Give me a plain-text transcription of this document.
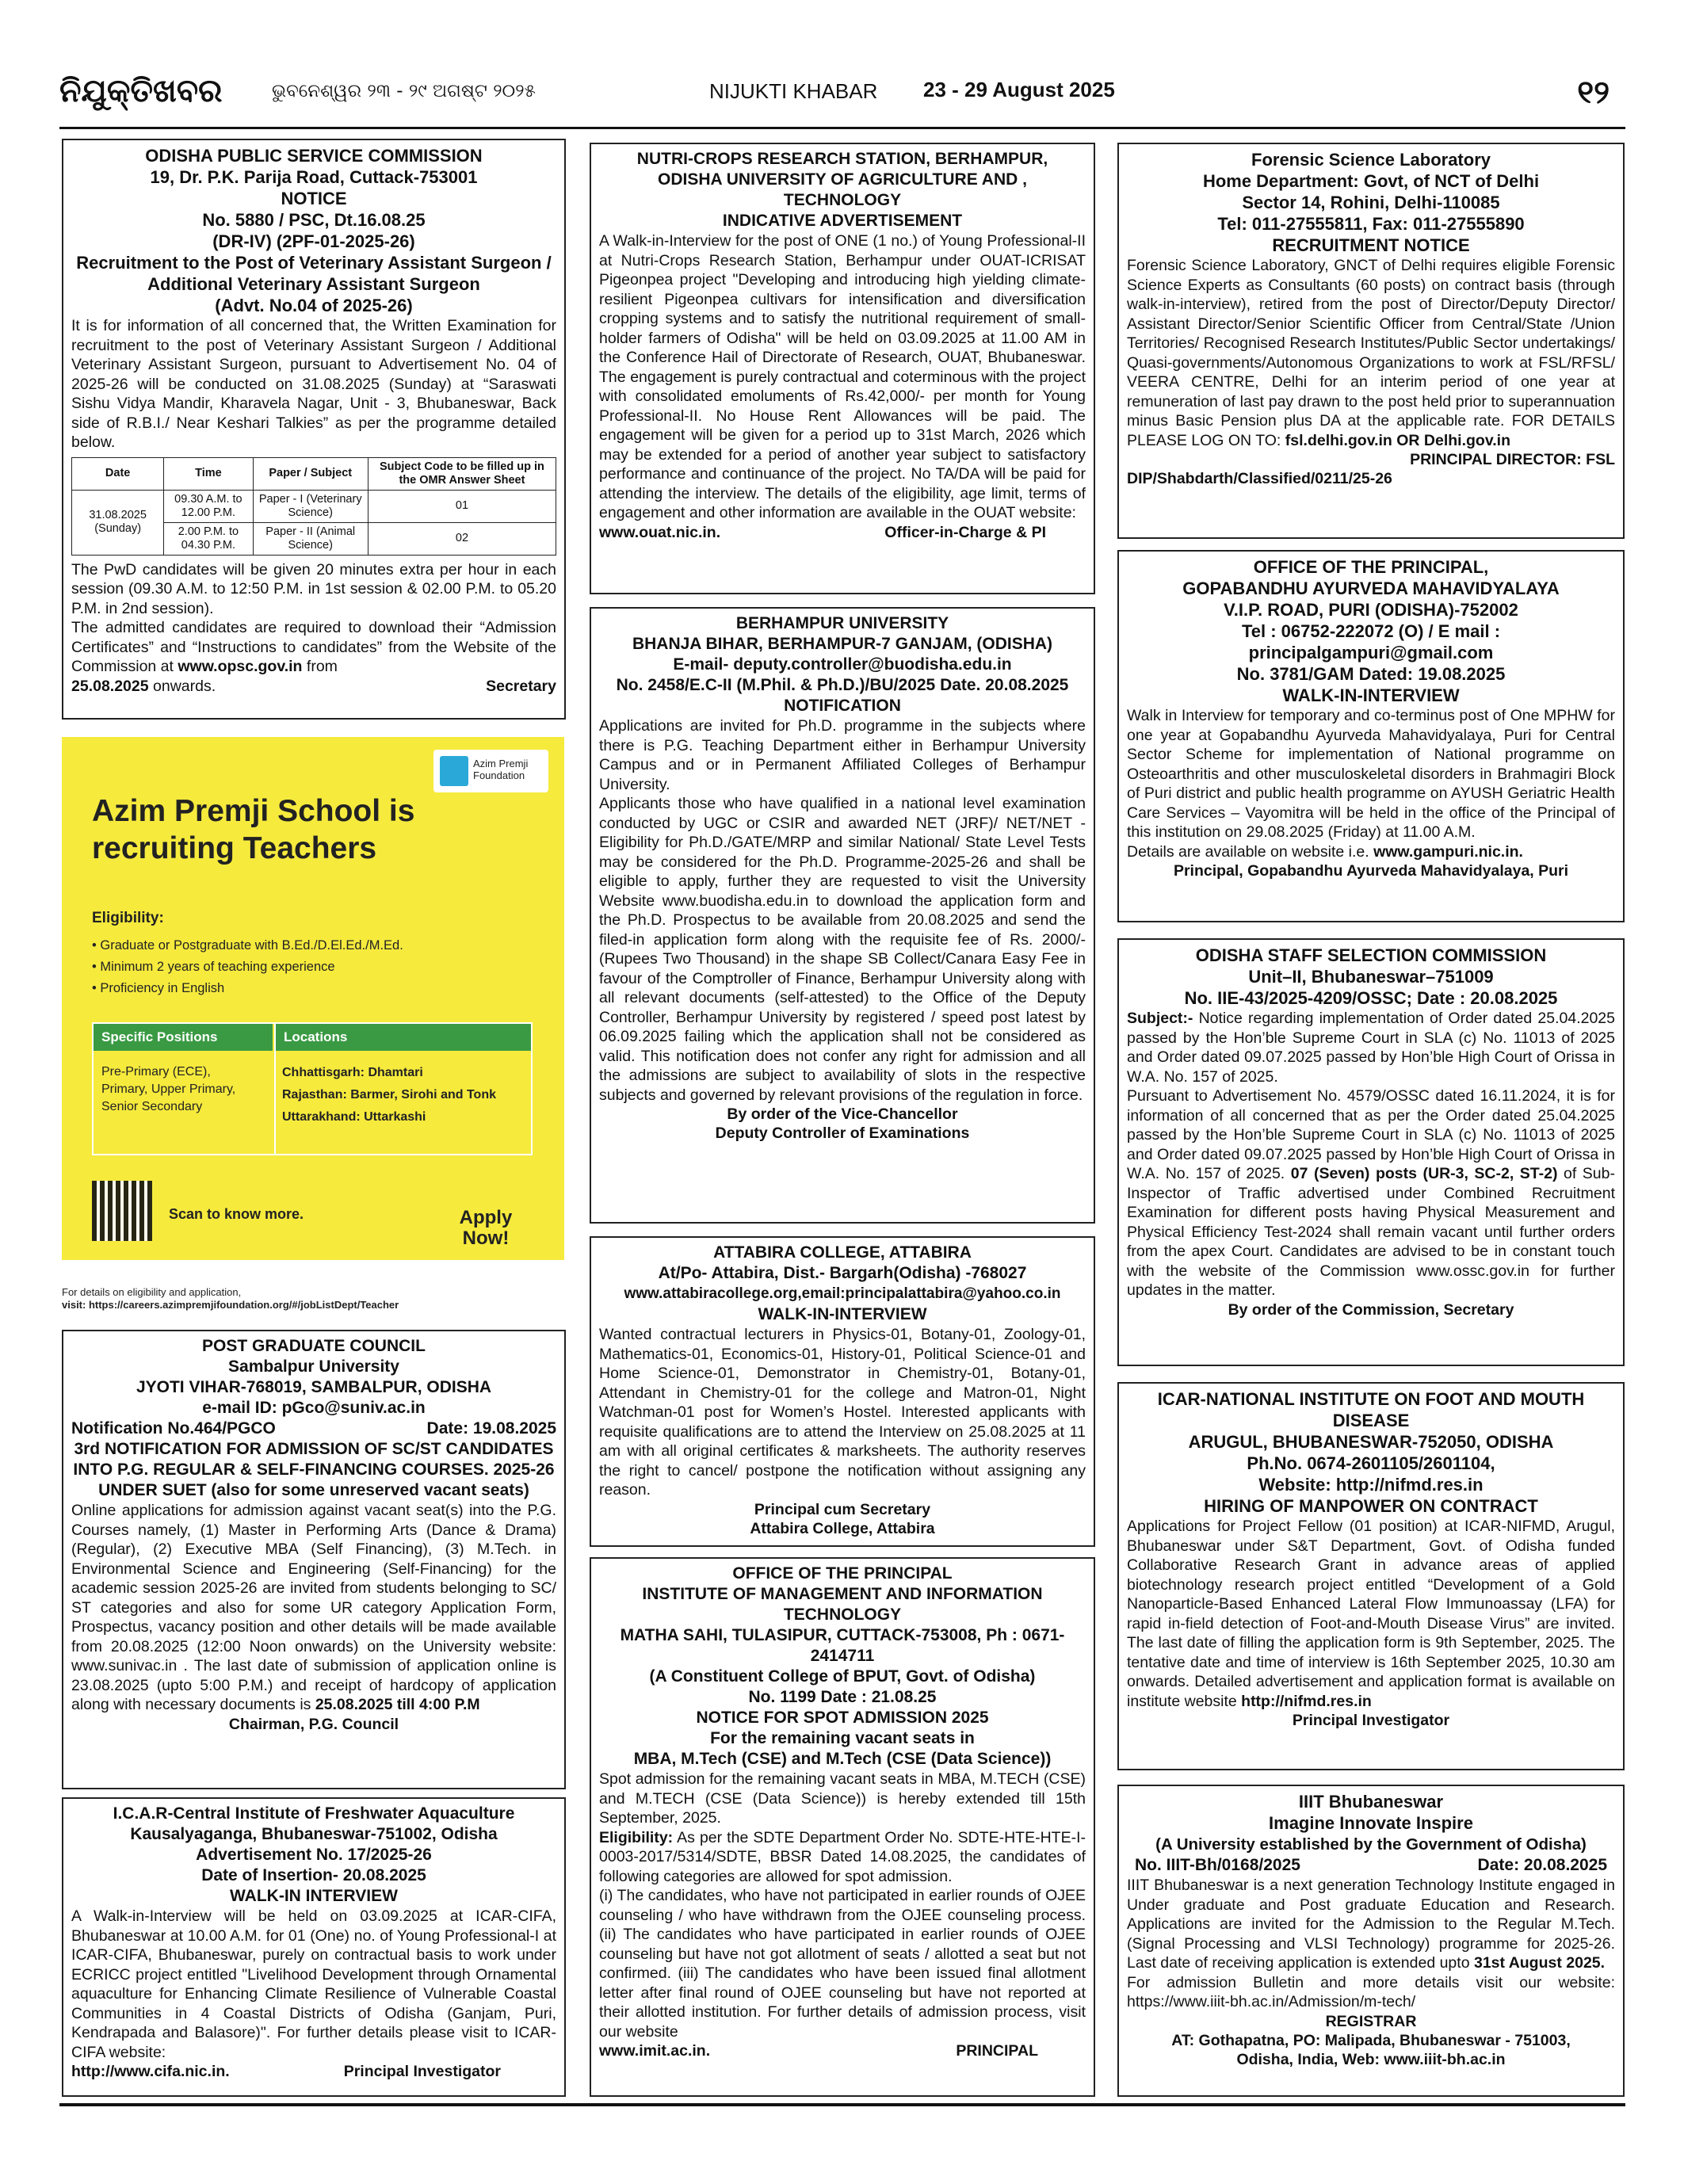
ନିଯୁକ୍ତିଖବର	ଭୁବନେଶ୍ୱର ୨୩ - ୨୯ ଅଗଷ୍ଟ ୨୦୨୫	NIJUKTI KHABAR 23 - 29 August 2025	୧୨
ODISHA PUBLIC SERVICE COMMISSION
19, Dr. P.K. Parija Road, Cuttack-753001
NOTICE
No. 5880 / PSC, Dt.16.08.25
(DR-IV) (2PF-01-2025-26)
Recruitment to the Post of Veterinary Assistant Surgeon / Additional Veterinary Assistant Surgeon
(Advt. No.04 of 2025-26)

It is for information of all concerned that, the Written Examination for recruitment to the post of Veterinary Assistant Surgeon / Additional Veterinary Assistant Surgeon, pursuant to Advertisement No. 04 of 2025-26 will be conducted on 31.08.2025 (Sunday) at “Saraswati Sishu Vidya Mandir, Kharavela Nagar, Unit - 3, Bhubaneswar, Back side of R.B.I./ Near Keshari Talkies” as per the programme detailed below.

Date	Time	Paper / Subject	Subject Code to be filled up in the OMR Answer Sheet
31.08.2025 (Sunday)	09.30 A.M. to 12.00 P.M.	Paper - I (Veterinary Science)	01
	2.00 P.M. to 04.30 P.M.	Paper - II (Animal Science)	02

The PwD candidates will be given 20 minutes extra per hour in each session (09.30 A.M. to 12:50 P.M. in 1st session & 02.00 P.M. to 05.20 P.M. in 2nd session).

The admitted candidates are required to download their “Admission Certificates” and “Instructions to candidates” from the Website of the Commission at www.opsc.gov.in from

25.08.2025 onwards.	Secretary
Azim Premji Foundation
Azim Premji School is recruiting Teachers
Eligibility:
• Graduate or Postgraduate with B.Ed./D.El.Ed./M.Ed.
• Minimum 2 years of teaching experience
• Proficiency in English
Specific Positions	Locations
Pre-Primary (ECE), Primary, Upper Primary, Senior Secondary
Chhattisgarh: Dhamtari
Rajasthan: Barmer, Sirohi and Tonk
Uttarakhand: Uttarkashi
Scan to know more.	Apply Now!
For details on eligibility and application,
visit: https://careers.azimpremjifoundation.org/#/jobListDept/Teacher
POST GRADUATE COUNCIL
Sambalpur University
JYOTI VIHAR-768019, SAMBALPUR, ODISHA
e-mail ID: pGco@suniv.ac.in
Notification No.464/PGCO	Date: 19.08.2025
3rd NOTIFICATION FOR ADMISSION OF SC/ST CANDIDATES INTO P.G. REGULAR & SELF-FINANCING COURSES. 2025-26 UNDER SUET (also for some unreserved vacant seats)

Online applications for admission against vacant seat(s) into the P.G. Courses namely, (1) Master in Performing Arts (Dance & Drama) (Regular), (2) Executive MBA (Self Financing), (3) M.Tech. in Environmental Science and Engineering (Self-Financing) for the academic session 2025-26 are invited from students belonging to SC/ ST categories and also for some UR category Application Form, Prospectus, vacancy position and other details will be made available from 20.08.2025 (12:00 Noon onwards) on the University website: www.sunivac.in . The last date of submission of application online is 23.08.2025 (upto 5:00 P.M.) and receipt of hardcopy of application along with necessary documents is 25.08.2025 till 4:00 P.M

Chairman, P.G. Council
I.C.A.R-Central Institute of Freshwater Aquaculture
Kausalyaganga, Bhubaneswar-751002, Odisha
Advertisement No. 17/2025-26
Date of Insertion- 20.08.2025
WALK-IN INTERVIEW

A Walk-in-Interview will be held on 03.09.2025 at ICAR-CIFA, Bhubaneswar at 10.00 A.M. for 01 (One) no. of Young Professional-I at ICAR-CIFA, Bhubaneswar, purely on contractual basis to work under ECRICC project entitled "Livelihood Development through Ornamental aquaculture for Enhancing Climate Resilience of Vulnerable Coastal Communities in 4 Coastal Districts of Odisha (Ganjam, Puri, Kendrapada and Balasore)". For further details please visit to ICAR-CIFA website:

http://www.cifa.nic.in.	Principal Investigator
NUTRI-CROPS RESEARCH STATION, BERHAMPUR,
ODISHA UNIVERSITY OF AGRICULTURE AND , TECHNOLOGY
INDICATIVE ADVERTISEMENT

A Walk-in-Interview for the post of ONE (1 no.) of Young Professional-II at Nutri-Crops Research Station, Berhampur under OUAT-ICRISAT Pigeonpea project "Developing and introducing high yielding climate-resilient Pigeonpea cultivars for intensification and diversification cropping systems and to satisfy the nutritional requirement of small-holder farmers of Odisha" will be held on 03.09.2025 at 11.00 AM in the Conference Hail of Directorate of Research, OUAT, Bhubaneswar. The engagement is purely contractual and coterminous with the project with consolidated emoluments of Rs.42,000/- per month for Young Professional-II. No House Rent Allowances will be paid. The engagement will be given for a period up to 31st March, 2026 which may be extended for a period of another year subject to satisfactory performance and continuance of the project. No TA/DA will be paid for attending the interview. The details of the eligibility, age limit, terms of engagement and other information are available in the OUAT website:

www.ouat.nic.in.	Officer-in-Charge & PI
BERHAMPUR UNIVERSITY
BHANJA BIHAR, BERHAMPUR-7 GANJAM, (ODISHA)
E-mail- deputy.controller@buodisha.edu.in
No. 2458/E.C-II (M.Phil. & Ph.D.)/BU/2025 Date. 20.08.2025
NOTIFICATION

Applications are invited for Ph.D. programme in the subjects where there is P.G. Teaching Department either in Berhampur University Campus and or in Permanent Affiliated Colleges of Berhampur University.

Applicants those who have qualified in a national level examination conducted by UGC or CSIR and awarded NET (JRF)/ NET/NET - Eligibility for Ph.D./GATE/MRP and similar National/ State Level Tests may be considered for the Ph.D. Programme-2025-26 and shall be eligible to apply, further they are requested to visit the University Website www.buodisha.edu.in to download the application form and the Ph.D. Prospectus to be available from 20.08.2025 and send the filed-in application form along with the requisite fee of Rs. 2000/- (Rupees Two Thousand) in the shape SB Collect/Canara Easy Fee in favour of the Comptroller of Finance, Berhampur University along with all relevant documents (self-attested) to the Office of the Deputy Controller, Berhampur University by registered / speed post latest by 06.09.2025 failing which the application shall not be considered as valid. This notification does not confer any right for admission and all the admissions are subject to availability of slots in the respective subjects and governed by relevant provisions of the regulation in force.

By order of the Vice-Chancellor
Deputy Controller of Examinations
ATTABIRA COLLEGE, ATTABIRA
At/Po- Attabira, Dist.- Bargarh(Odisha) -768027
www.attabiracollege.org,email:principalattabira@yahoo.co.in
WALK-IN-INTERVIEW

Wanted contractual lecturers in Physics-01, Botany-01, Zoology-01, Mathematics-01, Economics-01, History-01, Political Science-01 and Home Science-01, Demonstrator in Chemistry-01, Botany-01, Attendant in Chemistry-01 for the college and Matron-01, Night Watchman-01 post for Women’s Hostel. Interested applicants with requisite qualifications are to attend the Interview on 25.08.2025 at 11 am with all original certificates & marksheets. The authority reserves the right to cancel/ postpone the notification without assigning any reason.

Principal cum Secretary
Attabira College, Attabira
OFFICE OF THE PRINCIPAL
INSTITUTE OF MANAGEMENT AND INFORMATION TECHNOLOGY
MATHA SAHI, TULASIPUR, CUTTACK-753008, Ph : 0671-2414711
(A Constituent College of BPUT, Govt. of Odisha)
No. 1199 Date : 21.08.25
NOTICE FOR SPOT ADMISSION 2025
For the remaining vacant seats in
MBA, M.Tech (CSE) and M.Tech (CSE (Data Science))

Spot admission for the remaining vacant seats in MBA, M.TECH (CSE) and M.TECH (CSE (Data Science)) is hereby extended till 15th September, 2025.

Eligibility: As per the SDTE Department Order No. SDTE-HTE-HTE-I-0003-2017/5314/SDTE, BBSR Dated 14.08.2025, the candidates of following categories are allowed for spot admission.

(i) The candidates, who have not participated in earlier rounds of OJEE counseling / who have withdrawn from the OJEE counseling process. (ii) The candidates who have participated in earlier rounds of OJEE counseling but have not got allotment of seats / allotted a seat but not confirmed. (iii) The candidates who have been issued final allotment letter after final round of OJEE counseling but have not reported at their allotted institution. For further details of admission process, visit our website

www.imit.ac.in.	PRINCIPAL
Forensic Science Laboratory
Home Department: Govt, of NCT of Delhi
Sector 14, Rohini, Delhi-110085
Tel: 011-27555811, Fax: 011-27555890
RECRUITMENT NOTICE

Forensic Science Laboratory, GNCT of Delhi requires eligible Forensic Science Experts as Consultants (60 posts) on contract basis (through walk-in-interview), retired from the post of Director/Deputy Director/ Assistant Director/Senior Scientific Officer from Central/State /Union Territories/ Recognised Research Institutes/Public Sector undertakings/ Quasi-governments/Autonomous Organizations to work at FSL/RFSL/ VEERA CENTRE, Delhi for an interim period of one year at remuneration of last pay drawn to the post held prior to superannuation minus Basic Pension plus DA at the applicable rate. FOR DETAILS PLEASE LOG ON TO: fsl.delhi.gov.in OR Delhi.gov.in

PRINCIPAL DIRECTOR: FSL
DIP/Shabdarth/Classified/0211/25-26
OFFICE OF THE PRINCIPAL,
GOPABANDHU AYURVEDA MAHAVIDYALAYA
V.I.P. ROAD, PURI (ODISHA)-752002
Tel : 06752-222072 (O) / E mail :
principalgampuri@gmail.com
No. 3781/GAM Dated: 19.08.2025
WALK-IN-INTERVIEW

Walk in Interview for temporary and co-terminus post of One MPHW for one year at Gopabandhu Ayurveda Mahavidyalaya, Puri for Central Sector Scheme for implementation of National programme on Osteoarthritis and other musculoskeletal disorders in Brahmagiri Block of Puri district and public health programme on AYUSH Geriatric Health Care Services – Vayomitra will be held in the office of the Principal of this institution on 29.08.2025 (Friday) at 11.00 A.M.

Details are available on website i.e. www.gampuri.nic.in.

Principal, Gopabandhu Ayurveda Mahavidyalaya, Puri
ODISHA STAFF SELECTION COMMISSION
Unit–II, Bhubaneswar–751009
No. IIE-43/2025-4209/OSSC; Date : 20.08.2025

Subject:- Notice regarding implementation of Order dated 25.04.2025 passed by the Hon’ble Supreme Court in SLA (c) No. 11013 of 2025 and Order dated 09.07.2025 passed by Hon’ble High Court of Orissa in W.A. No. 157 of 2025.

Pursuant to Advertisement No. 4579/OSSC dated 16.11.2024, it is for information of all concerned that as per the Order dated 25.04.2025 passed by the Hon’ble Supreme Court in SLA (c) No. 11013 of 2025 and Order dated 09.07.2025 passed by Hon’ble High Court of Orissa in W.A. No. 157 of 2025. 07 (Seven) posts (UR-3, SC-2, ST-2) of Sub-Inspector of Traffic advertised under Combined Recruitment Examination for different posts having Physical Measurement and Physical Efficiency Test-2024 shall remain vacant until further orders from the apex Court. Candidates are advised to be in constant touch with the website of the Commission www.ossc.gov.in for further updates in the matter.

By order of the Commission, Secretary
ICAR-NATIONAL INSTITUTE ON FOOT AND MOUTH DISEASE
ARUGUL, BHUBANESWAR-752050, ODISHA
Ph.No. 0674-2601105/2601104,
Website: http://nifmd.res.in
HIRING OF MANPOWER ON CONTRACT

Applications for Project Fellow (01 position) at ICAR-NIFMD, Arugul, Bhubaneswar under S&T Department, Govt. of Odisha funded Collaborative Research Grant in advance areas of applied biotechnology research project entitled “Development of a Gold Nanoparticle-Based Enhanced Lateral Flow Immunoassay (LFA) for rapid in-field detection of Foot-and-Mouth Disease Virus” are invited. The last date of filling the application form is 9th September, 2025. The tentative date and time of interview is 16th September 2025, 10.30 am onwards. Detailed advertisement and application format is available on institute website http://nifmd.res.in

Principal Investigator
IIIT Bhubaneswar
Imagine Innovate Inspire
(A University established by the Government of Odisha)
No. IIIT-Bh/0168/2025	Date: 20.08.2025

IIIT Bhubaneswar is a next generation Technology Institute engaged in Under graduate and Post graduate Education and Research. Applications are invited for the Admission to the Regular M.Tech. (Signal Processing and VLSI Technology) programme for 2025-26. Last date of receiving application is extended upto 31st August 2025.

For admission Bulletin and more details visit our website: https://www.iiit-bh.ac.in/Admission/m-tech/

REGISTRAR
AT: Gothapatna, PO: Malipada, Bhubaneswar - 751003,
Odisha, India, Web: www.iiit-bh.ac.in
